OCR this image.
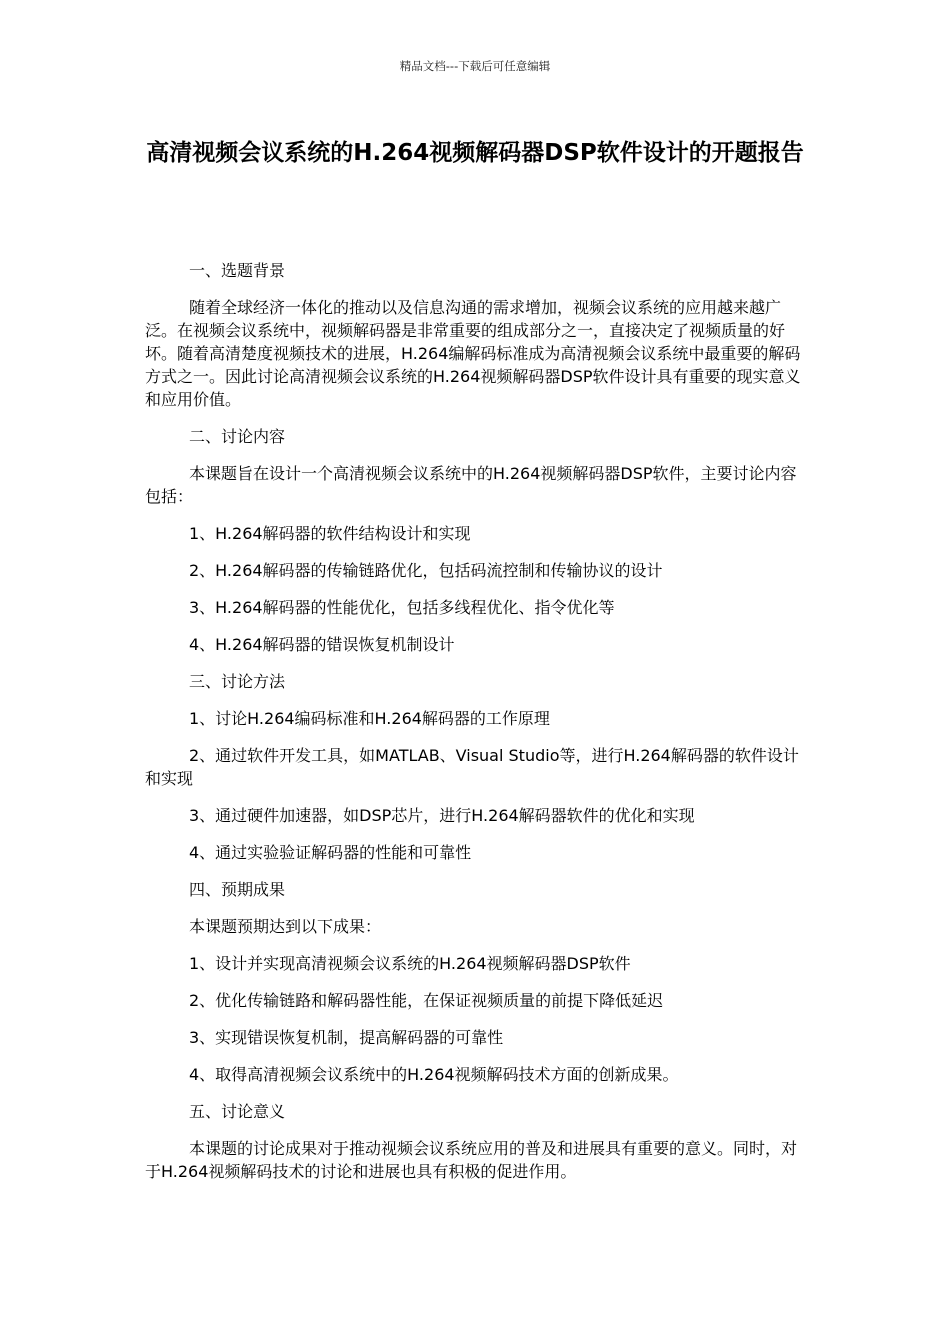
精品文档---下载后可任意编辑
高清视频会议系统的H.264视频解码器DSP软件设计的开题报告

一、选题背景

随着全球经济一体化的推动以及信息沟通的需求增加，视频会议系统的应用越来越广泛。在视频会议系统中，视频解码器是非常重要的组成部分之一，直接决定了视频质量的好坏。随着高清楚度视频技术的进展，H.264编解码标准成为高清视频会议系统中最重要的解码方式之一。因此讨论高清视频会议系统的H.264视频解码器DSP软件设计具有重要的现实意义和应用价值。

二、讨论内容

本课题旨在设计一个高清视频会议系统中的H.264视频解码器DSP软件，主要讨论内容包括：

1、H.264解码器的软件结构设计和实现

2、H.264解码器的传输链路优化，包括码流控制和传输协议的设计

3、H.264解码器的性能优化，包括多线程优化、指令优化等

4、H.264解码器的错误恢复机制设计

三、讨论方法

1、讨论H.264编码标准和H.264解码器的工作原理

2、通过软件开发工具，如MATLAB、Visual Studio等，进行H.264解码器的软件设计和实现

3、通过硬件加速器，如DSP芯片，进行H.264解码器软件的优化和实现

4、通过实验验证解码器的性能和可靠性

四、预期成果

本课题预期达到以下成果：

1、设计并实现高清视频会议系统的H.264视频解码器DSP软件

2、优化传输链路和解码器性能，在保证视频质量的前提下降低延迟

3、实现错误恢复机制，提高解码器的可靠性

4、取得高清视频会议系统中的H.264视频解码技术方面的创新成果。

五、讨论意义

本课题的讨论成果对于推动视频会议系统应用的普及和进展具有重要的意义。同时，对于H.264视频解码技术的讨论和进展也具有积极的促进作用。
